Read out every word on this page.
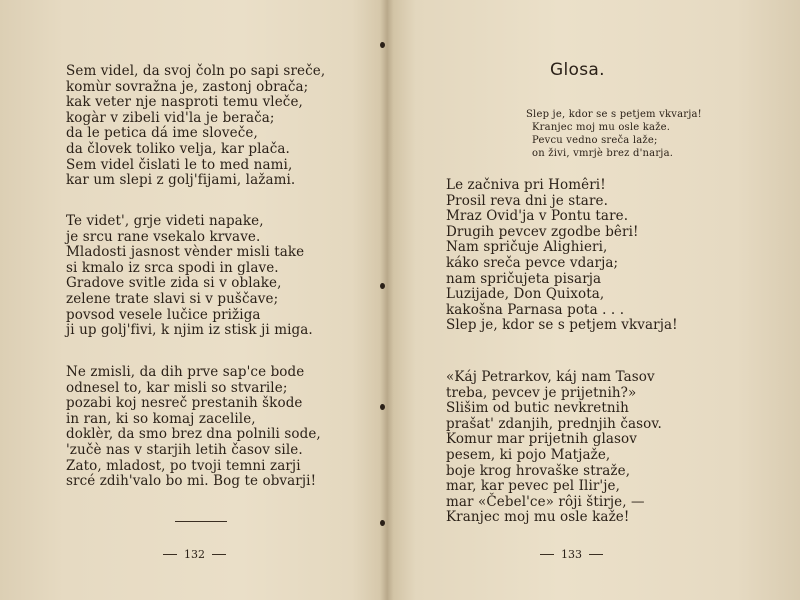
Sem videl, da svoj čoln po sapi sreče,
komùr sovražna je, zastonj obrača;
kak veter nje nasproti temu vleče,
kogàr v zibeli vid'la je berača;
da le petica dá ime sloveče,
da človek toliko velja, kar plača.
Sem videl čislati le to med nami,
kar um slepi z golj'fijami, lažami.
Te videt', grje videti napake,
je srcu rane vsekalo krvave.
Mladosti jasnost vènder misli take
si kmalo iz srca spodi in glave.
Gradove svitle zida si v oblake,
zelene trate slavi si v puščave;
povsod vesele lučice prižiga
ji up golj'fivi, k njim iz stisk ji miga.
Ne zmisli, da dih prve sap'ce bode
odnesel to, kar misli so stvarile;
pozabi koj nesreč prestanih škode
in ran, ki so komaj zacelile,
doklèr, da smo brez dna polnili sode,
'zučè nas v starjih letih časov sile.
Zato, mladost, po tvoji temni zarji
srcé zdih'valo bo mi. Bog te obvarji!
132
Glosa.
Slep je, kdor se s petjem vkvarja!
Kranjec moj mu osle kaže.
Pevcu vedno sreča laže;
on živi, vmrjè brez d'narja.
Le začniva pri Homêri!
Prosil reva dni je stare.
Mraz Ovid'ja v Pontu tare.
Drugih pevcev zgodbe bêri!
Nam spričuje Alighieri,
káko sreča pevce vdarja;
nam spričujeta pisarja
Luzijade, Don Quixota,
kakošna Parnasa pota . . .
Slep je, kdor se s petjem vkvarja!
«Káj Petrarkov, káj nam Tasov
treba, pevcev je prijetnih?»
Slišim od butic nevkretnih
prašat' zdanjih, prednjih časov.
Komur mar prijetnih glasov
pesem, ki pojo Matjaže,
boje krog hrovaške straže,
mar, kar pevec pel Ilir'je,
mar «Čebel'ce» rôji štirje, —
Kranjec moj mu osle kaže!
133
